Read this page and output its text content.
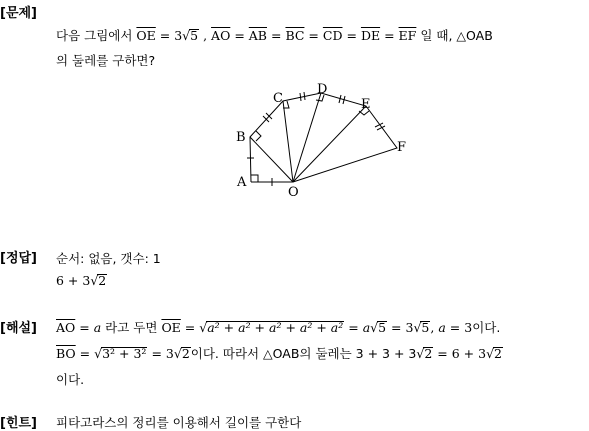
[문제]
[정답]
[해설]
[힌트]
다음 그림에서 $\overline{OE} = 3√5$ , $\overline{AO} = \overline{AB} = \overline{BC} = \overline{CD} = \overline{DE} = \overline{EF}$ 일 때, △OAB
의 둘레를 구하면?
A
B
C
D
E
F
O
순서: 없음, 갯수: 1
6 + 3√2
$\overline{AO} = a$ 라고 두면 $\overline{OE} = √a^2 + a^2 + a^2 + a^2 + a^2 = a√5 = 3√5$, a = 3이다.
$\overline{BO} = √3^2 + 3^2 = 3√2$이다. 따라서 △OAB의 둘레는 3 + 3 + 3√2 = 6 + 3√2
이다.
피타고라스의 정리를 이용해서 길이를 구한다
